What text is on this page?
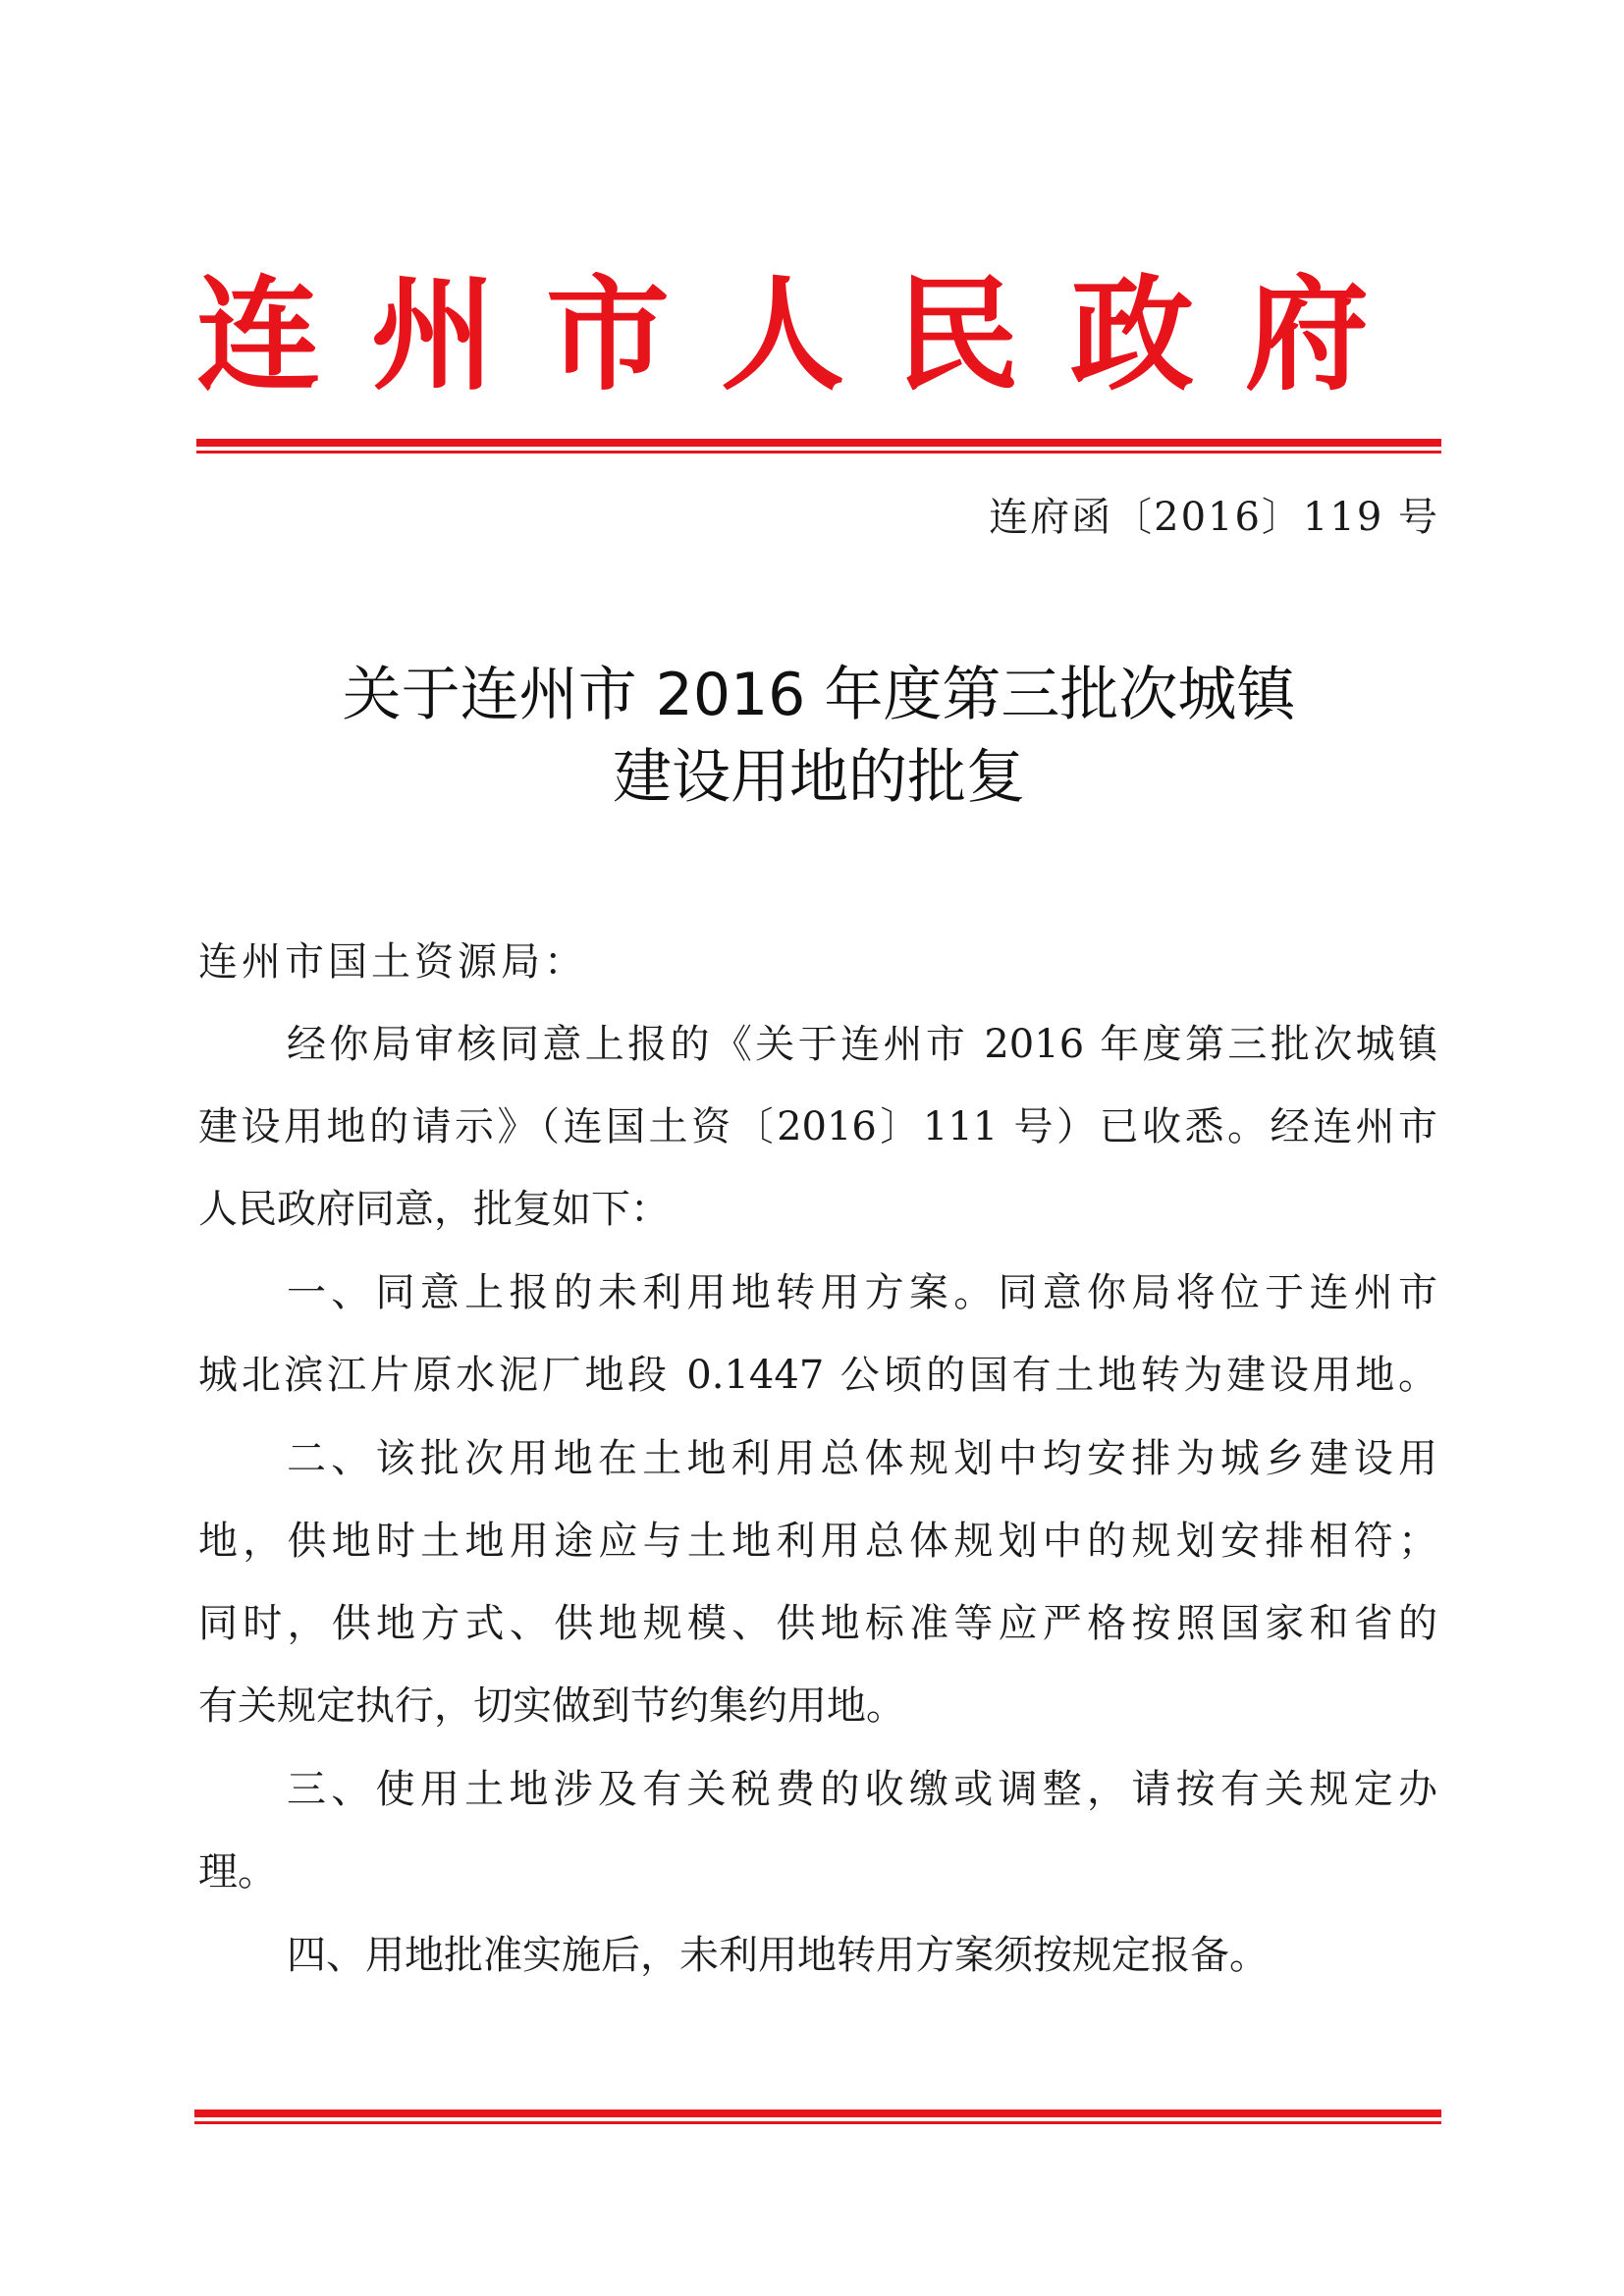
连州市人民政府
连府函〔2016〕119 号
关于连州市 2016 年度第三批次城镇
建设用地的批复
连州市国土资源局：
经你局审核同意上报的《关于连州市 2016 年度第三批次城镇
建设用地的请示》（连国土资〔2016〕111 号）已收悉。经连州市
人民政府同意，批复如下：
一、同意上报的未利用地转用方案。同意你局将位于连州市
城北滨江片原水泥厂地段 0.1447 公顷的国有土地转为建设用地。
二、该批次用地在土地利用总体规划中均安排为城乡建设用
地，供地时土地用途应与土地利用总体规划中的规划安排相符；
同时，供地方式、供地规模、供地标准等应严格按照国家和省的
有关规定执行，切实做到节约集约用地。
三、使用土地涉及有关税费的收缴或调整，请按有关规定办
理。
四、用地批准实施后，未利用地转用方案须按规定报备。
